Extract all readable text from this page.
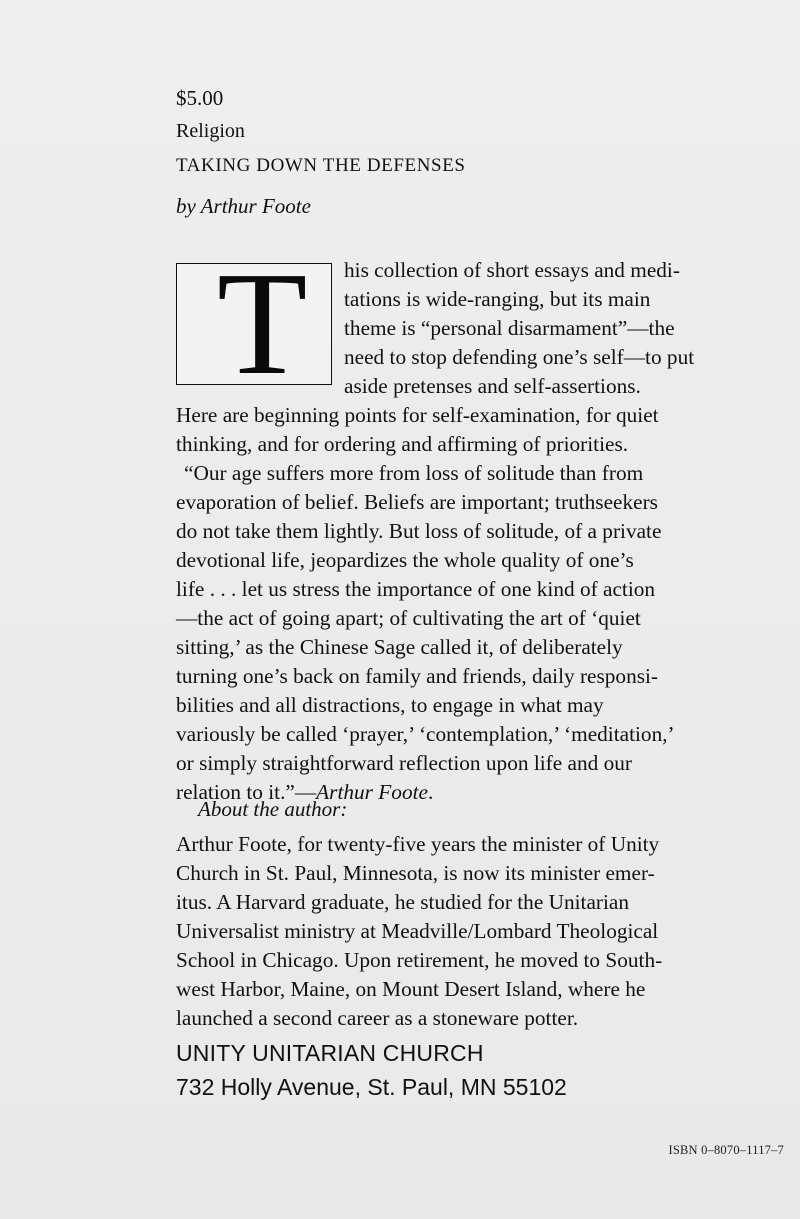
$5.00
Religion
TAKING DOWN THE DEFENSES
by Arthur Foote
T	his collection of short essays and medi-
tations is wide-ranging, but its main
theme is “personal disarmament”—the
need to stop defending one’s self—to put
aside pretenses and self-assertions.
Here are beginning points for self-examination, for quiet
thinking, and for ordering and affirming of priorities.
“Our age suffers more from loss of solitude than from
evaporation of belief. Beliefs are important; truthseekers
do not take them lightly. But loss of solitude, of a private
devotional life, jeopardizes the whole quality of one’s
life . . . let us stress the importance of one kind of action
—the act of going apart; of cultivating the art of ‘quiet
sitting,’ as the Chinese Sage called it, of deliberately
turning one’s back on family and friends, daily responsi-
bilities and all distractions, to engage in what may
variously be called ‘prayer,’ ‘contemplation,’ ‘meditation,’
or simply straightforward reflection upon life and our
relation to it.”—Arthur Foote.
About the author:
Arthur Foote, for twenty-five years the minister of Unity
Church in St. Paul, Minnesota, is now its minister emer-
itus. A Harvard graduate, he studied for the Unitarian
Universalist ministry at Meadville/Lombard Theological
School in Chicago. Upon retirement, he moved to South-
west Harbor, Maine, on Mount Desert Island, where he
launched a second career as a stoneware potter.
UNITY UNITARIAN CHURCH
732 Holly Avenue, St. Paul, MN 55102
ISBN 0–8070–1117–7
